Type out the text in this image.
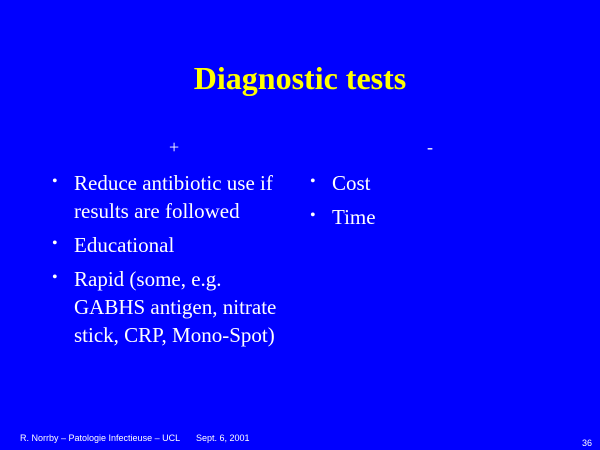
Diagnostic tests
+	-
• Reduce antibiotic use if results are followed
• Educational
• Rapid (some, e.g. GABHS antigen, nitrate stick, CRP, Mono-Spot)
• Cost
• Time
R. Norrby – Patologie Infectieuse – UCL Sept. 6, 2001	36
